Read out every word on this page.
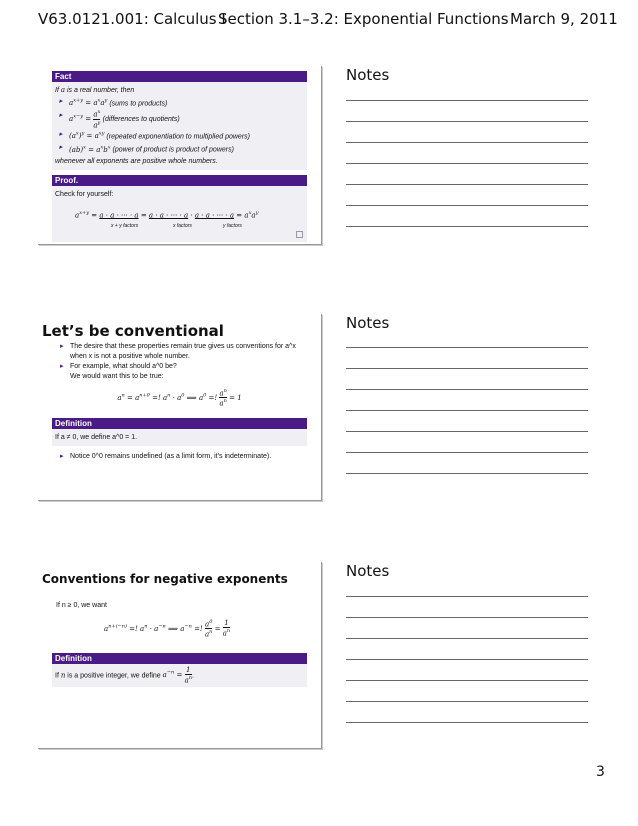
V63.0121.001: Calculus I
Section 3.1–3.2: Exponential Functions March 9, 2011
Fact
If a is a real number, then
▸ $a^{x+y} = a^xa^y$ (sums to products)
▸ $a^{x-y} = \frac{a^x}{a^y}$ (differences to quotients)
▸ $(a^x)^y = a^{xy}$ (repeated exponentiation to multiplied powers)
▸ $(ab)^x = a^xb^x$ (power of product is product of powers)
whenever all exponents are positive whole numbers.
Proof.
Check for yourself:
$a^{x+y} = a \cdot a$ · ··· · a = a · a · ··· · a · a · a · ··· · $a = a^xa^y$
x + y factors	x factors	y factors
Notes
Let’s be conventional
▸ The desire that these properties remain true gives us conventions for a^x when x is not a positive whole number.
▸ For example, what should a^0 be?
We would want this to be true:
$a^n = a^{n+0}$ =! $a^n \cdot a^0$ ⟹ $a^0$ =! $\frac{a^n}{a^n} = 1$
Definition
If a ≠ 0, we define a^0 = 1.
▸ Notice 0^0 remains undefined (as a limit form, it’s indeterminate).
Notes
Conventions for negative exponents
If n ≥ 0, we want
$a^{n+(-n)}$ =! $a^n \cdot a^{-n}$ ⟹ $a^{-n}$ =! $\frac{a^0}{a^n} = \frac{1}{a^n}$
Definition
If n is a positive integer, we define $a^{-n} = \frac{1}{a^n}$ .
Notes
3
